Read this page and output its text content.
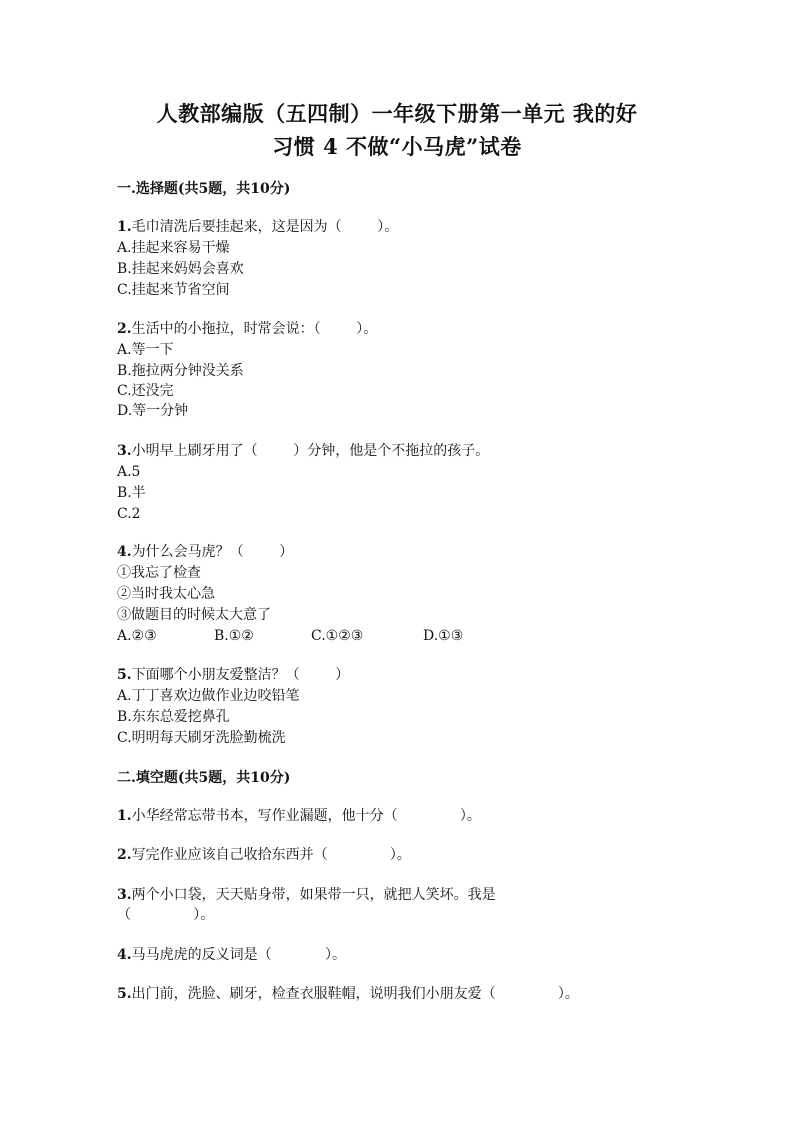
人教部编版（五四制）一年级下册第一单元 我的好
习惯 4 不做“小马虎”试卷
一.选择题(共5题，共10分)
1.毛巾清洗后要挂起来，这是因为（        ）。
A.挂起来容易干燥
B.挂起来妈妈会喜欢
C.挂起来节省空间
2.生活中的小拖拉，时常会说：（        ）。
A.等一下
B.拖拉两分钟没关系
C.还没完
D.等一分钟
3.小明早上刷牙用了（        ）分钟，他是个不拖拉的孩子。
A.5
B.半
C.2
4.为什么会马虎？（        ）
①我忘了检查
②当时我太心急
③做题目的时候太大意了
A.②③	B.①②	C.①②③	D.①③
5.下面哪个小朋友爱整洁？（        ）
A.丁丁喜欢边做作业边咬铅笔
B.东东总爱挖鼻孔
C.明明每天刷牙洗脸勤梳洗
二.填空题(共5题，共10分)
1.小华经常忘带书本，写作业漏题，他十分（              ）。
2.写完作业应该自己收拾东西并（              ）。
3.两个小口袋，天天贴身带，如果带一只，就把人笑坏。我是
（              ）。
4.马马虎虎的反义词是（            ）。
5.出门前，洗脸、刷牙，检查衣服鞋帽，说明我们小朋友爱（              ）。
